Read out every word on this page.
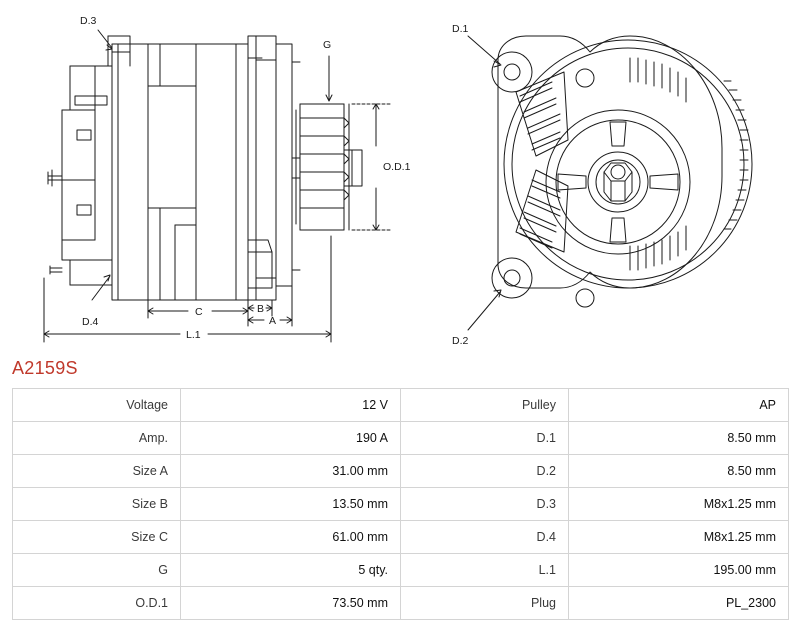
D.3
G
O.D.1
D.4
C	B
A
L.1
D.1
D.2
A2159S
Voltage	12 V	Pulley	AP
Amp.	190 A	D.1	8.50 mm
Size A	31.00 mm	D.2	8.50 mm
Size B	13.50 mm	D.3	M8x1.25 mm
Size C	61.00 mm	D.4	M8x1.25 mm
G	5 qty.	L.1	195.00 mm
O.D.1	73.50 mm	Plug	PL_2300
